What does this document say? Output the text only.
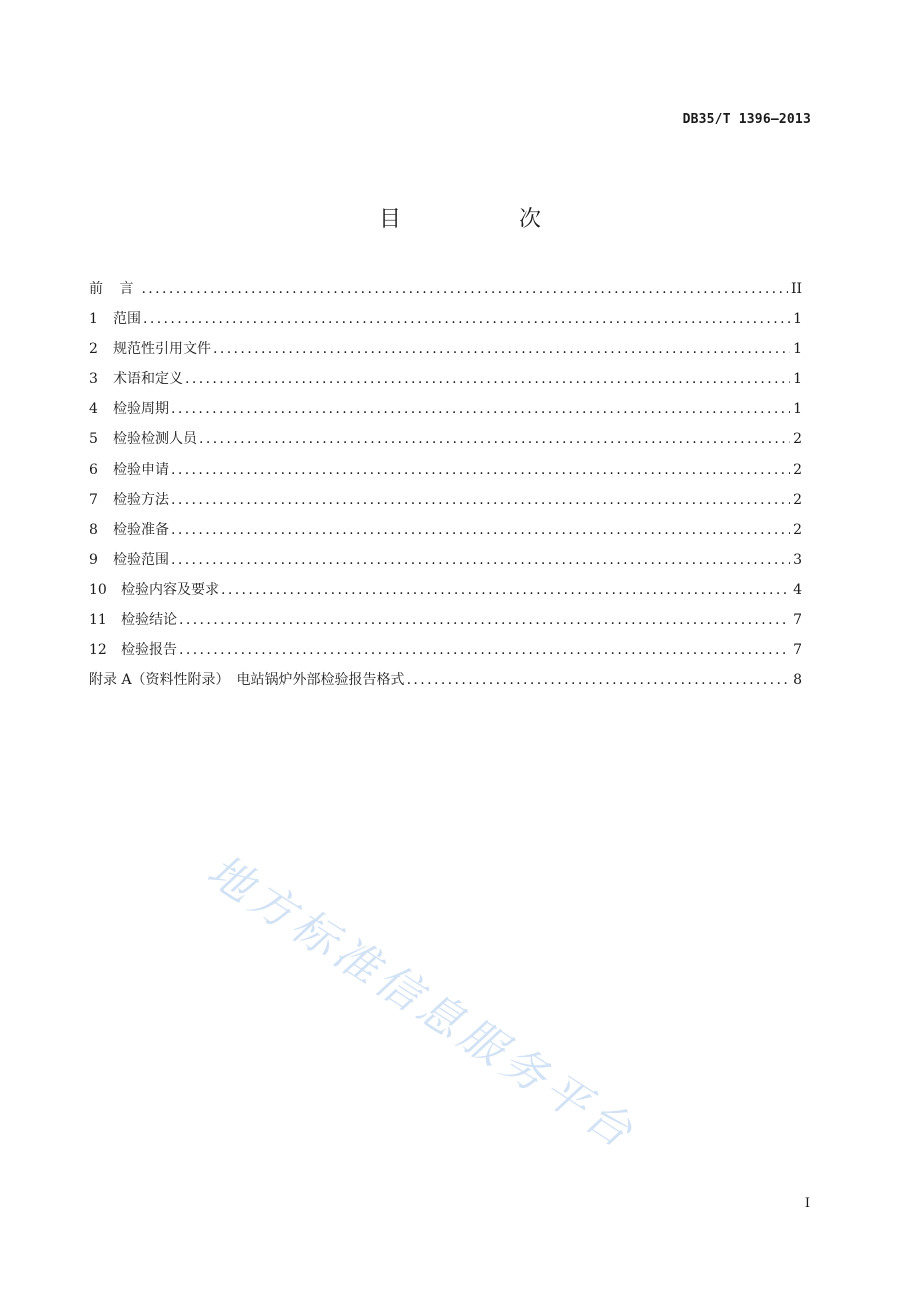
DB35/T 1396—2013
目　次
前 言 .....	II
1	范围 .....	1
2	规范性引用文件 .....	1
3	术语和定义 .....	1
4	检验周期 .....	1
5	检验检测人员 .....	2
6	检验申请 .....	2
7	检验方法 .....	2
8	检验准备 .....	2
9	检验范围 .....	3
10	检验内容及要求 .....	4
11	检验结论 .....	7
12	检验报告 .....	7
附录 A（资料性附录）　电站锅炉外部检验报告格式 .....	8
地方标准信息服务平台
I
